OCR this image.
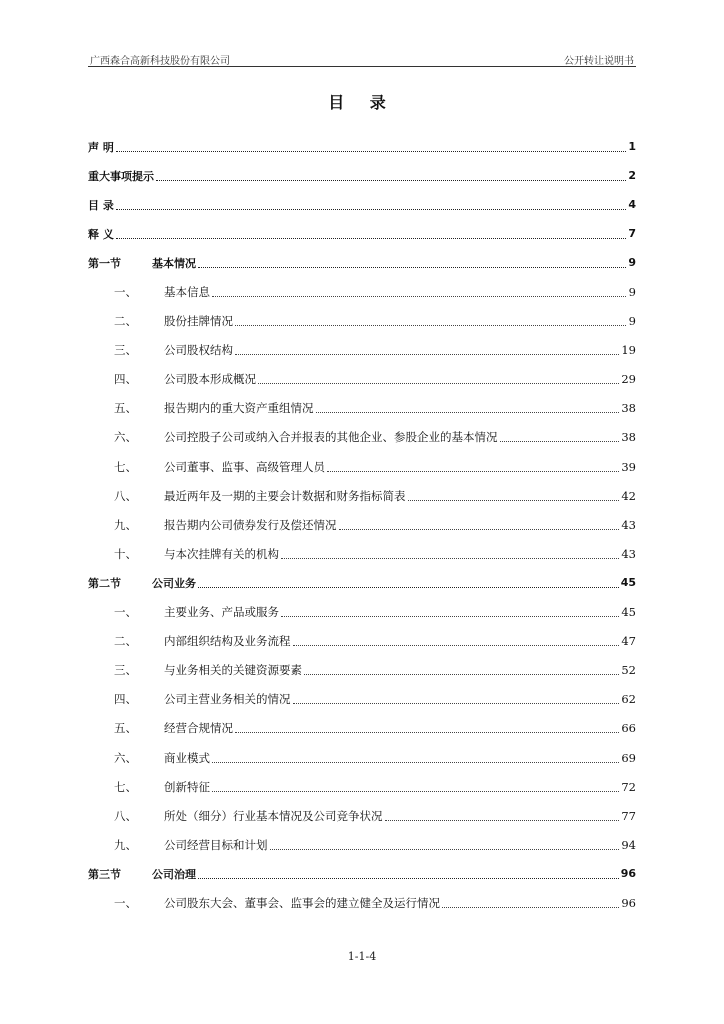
广西森合高新科技股份有限公司	公开转让说明书
目 录
声 明	1
重大事项提示	2
目 录	4
释 义	7
第一节	基本情况	9
一、	基本信息	9
二、	股份挂牌情况	9
三、	公司股权结构	19
四、	公司股本形成概况	29
五、	报告期内的重大资产重组情况	38
六、	公司控股子公司或纳入合并报表的其他企业、参股企业的基本情况	38
七、	公司董事、监事、高级管理人员	39
八、	最近两年及一期的主要会计数据和财务指标简表	42
九、	报告期内公司债券发行及偿还情况	43
十、	与本次挂牌有关的机构	43
第二节	公司业务	45
一、	主要业务、产品或服务	45
二、	内部组织结构及业务流程	47
三、	与业务相关的关键资源要素	52
四、	公司主营业务相关的情况	62
五、	经营合规情况	66
六、	商业模式	69
七、	创新特征	72
八、	所处（细分）行业基本情况及公司竞争状况	77
九、	公司经营目标和计划	94
第三节	公司治理	96
一、	公司股东大会、董事会、监事会的建立健全及运行情况	96
1-1-4
